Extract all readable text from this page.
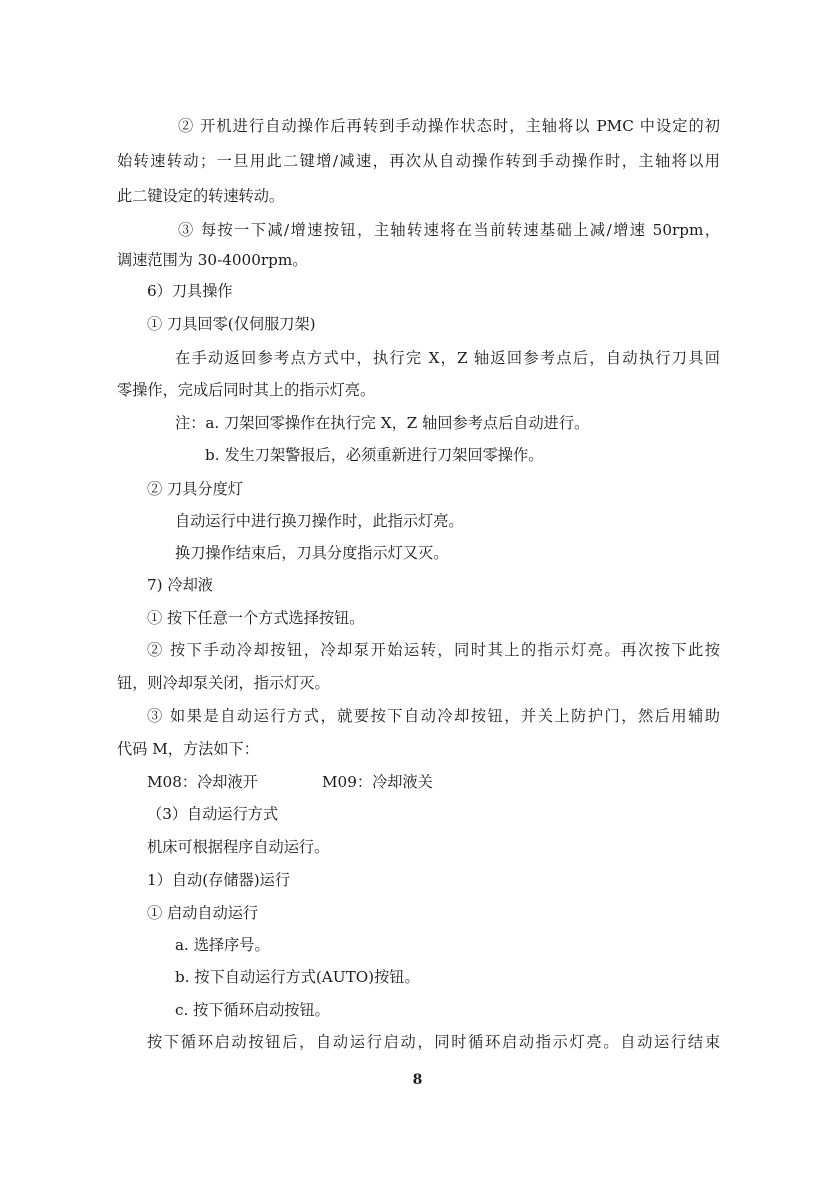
② 开机进行自动操作后再转到手动操作状态时，主轴将以 PMC 中设定的初

始转速转动；一旦用此二键增/减速，再次从自动操作转到手动操作时，主轴将以用

此二键设定的转速转动。

③ 每按一下减/增速按钮，主轴转速将在当前转速基础上减/增速 50rpm，

调速范围为 30-4000rpm。

6）刀具操作

① 刀具回零(仅伺服刀架)

在手动返回参考点方式中，执行完 X，Z 轴返回参考点后，自动执行刀具回

零操作，完成后同时其上的指示灯亮。

注：a. 刀架回零操作在执行完 X，Z 轴回参考点后自动进行。

b. 发生刀架警报后，必须重新进行刀架回零操作。

② 刀具分度灯

自动运行中进行换刀操作时，此指示灯亮。

换刀操作结束后，刀具分度指示灯又灭。

7) 冷却液

① 按下任意一个方式选择按钮。

② 按下手动冷却按钮，冷却泵开始运转，同时其上的指示灯亮。再次按下此按

钮，则冷却泵关闭，指示灯灭。

③ 如果是自动运行方式，就要按下自动冷却按钮，并关上防护门，然后用辅助

代码 M，方法如下：

M08：冷却液开	M09：冷却液关

（3）自动运行方式

机床可根据程序自动运行。

1）自动(存储器)运行

① 启动自动运行

a. 选择序号。

b. 按下自动运行方式(AUTO)按钮。

c. 按下循环启动按钮。

按下循环启动按钮后，自动运行启动，同时循环启动指示灯亮。自动运行结束

8
